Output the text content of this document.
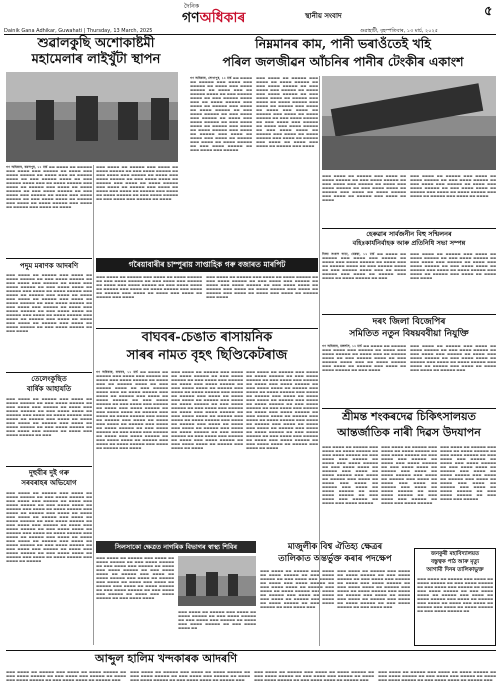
দৈনিক
গণঅধিকাৰ	স্থানীয় সংবাদ	৫
Dainik Gana Adhikar, Guwahati | Thursday, 13 March, 2025	গুৱাহাটী, বৃহস্পতিবাৰ, ১৩ মাৰ্চ, ২০২৫
শুৱালকুছি অশোকাষ্টমী
মহামেলাৰ লাইখুঁটা স্থাপন
গণ অধিকাৰ, কমলপুৰ, ১২ মাৰ্চ ▬▬ ▬▬▬▬ ▬▬ ▬▬▬▬▬ ▬▬▬ ▬▬▬▬ ▬▬▬ ▬▬▬▬▬ ▬▬ ▬▬▬▬ ▬▬▬ ▬▬▬▬ ▬▬▬▬▬ ▬▬ ▬▬▬▬ ▬▬▬ ▬▬ ▬▬▬▬▬ ▬▬▬▬ ▬▬ ▬▬▬ ▬▬▬▬▬ ▬▬▬▬ ▬▬ ▬▬▬ ▬▬▬▬▬ ▬▬▬▬ ▬▬▬ ▬▬ ▬▬▬▬ ▬▬▬▬▬ ▬▬▬ ▬▬▬▬ ▬▬ ▬▬▬▬▬ ▬▬▬ ▬▬▬▬ ▬▬ ▬▬▬▬ ▬▬▬▬▬ ▬▬ ▬▬▬ ▬▬▬▬ ▬▬▬▬▬ ▬▬ ▬▬▬ ▬▬▬▬ ▬▬▬ ▬▬▬▬▬ ▬▬ ▬▬▬▬ ▬▬▬ ▬▬▬▬ ▬▬▬▬▬ ▬▬ ▬▬▬ ▬▬▬▬ ▬▬▬▬ ▬▬ ▬▬▬▬▬ ▬▬▬ ▬▬▬▬ ▬▬ ▬▬▬▬ ▬▬▬▬▬ ▬▬▬ ▬▬▬▬ ▬▬ ▬▬▬▬▬ ▬▬▬ ▬▬▬▬ ▬▬ ▬▬▬▬
▬▬▬ ▬▬▬▬ ▬▬ ▬▬▬▬▬ ▬▬▬ ▬▬▬▬ ▬▬ ▬▬▬▬ ▬▬▬▬▬ ▬▬ ▬▬▬ ▬▬▬▬ ▬▬▬▬▬ ▬▬ ▬▬▬ ▬▬▬▬ ▬▬▬ ▬▬▬▬▬ ▬▬ ▬▬▬▬ ▬▬▬ ▬▬▬▬ ▬▬▬▬▬ ▬▬ ▬▬▬ ▬▬▬▬ ▬▬▬▬ ▬▬ ▬▬▬▬▬ ▬▬▬ ▬▬▬▬ ▬▬ ▬▬▬▬ ▬▬▬▬▬ ▬▬▬ ▬▬▬▬ ▬▬ ▬▬▬▬▬ ▬▬▬ ▬▬▬▬ ▬▬ ▬▬▬▬ ▬▬▬ ▬▬▬▬ ▬▬ ▬▬▬▬▬ ▬▬▬ ▬▬▬▬ ▬▬ ▬▬▬▬ ▬▬▬▬▬ ▬▬ ▬▬▬ ▬▬▬▬ ▬▬▬▬▬ ▬▬ ▬▬▬ ▬▬▬▬ ▬▬▬ ▬▬▬▬▬ ▬▬ ▬▬▬▬
নিম্নমানৰ কাম, পানী ভৰাওঁতেই খহি
পৰিল জলজীৱন আঁচনিৰ পানীৰ টেংকীৰ একাংশ
গণ অধিকাৰ, সোণাপুৰ, ১২ মাৰ্চ ▬▬ ▬▬▬▬ ▬▬ ▬▬▬▬▬ ▬▬▬ ▬▬▬▬ ▬▬▬ ▬▬▬▬▬ ▬▬ ▬▬▬▬ ▬▬▬ ▬▬▬▬ ▬▬▬▬▬ ▬▬ ▬▬▬▬ ▬▬▬ ▬▬ ▬▬▬▬▬ ▬▬▬▬ ▬▬ ▬▬▬ ▬▬▬▬▬ ▬▬▬▬ ▬▬ ▬▬▬ ▬▬▬▬▬ ▬▬▬▬ ▬▬▬ ▬▬ ▬▬▬▬ ▬▬▬▬▬ ▬▬▬ ▬▬▬▬ ▬▬ ▬▬▬▬▬ ▬▬▬ ▬▬▬▬ ▬▬ ▬▬▬▬ ▬▬▬▬▬ ▬▬ ▬▬▬ ▬▬▬▬ ▬▬▬▬▬ ▬▬ ▬▬▬ ▬▬▬▬ ▬▬▬ ▬▬▬▬▬ ▬▬ ▬▬▬▬ ▬▬▬ ▬▬▬▬ ▬▬▬▬▬ ▬▬ ▬▬▬ ▬▬▬▬ ▬▬▬▬ ▬▬ ▬▬▬▬▬ ▬▬▬ ▬▬▬▬ ▬▬ ▬▬▬▬ ▬▬▬▬▬ ▬▬▬ ▬▬▬▬ ▬▬ ▬▬▬▬▬ ▬▬▬ ▬▬▬▬ ▬▬ ▬▬▬▬ ▬▬▬ ▬▬▬▬ ▬▬ ▬▬▬▬▬ ▬▬▬ ▬▬▬▬ ▬▬ ▬▬▬▬ ▬▬▬▬▬ ▬▬ ▬▬▬ ▬▬▬▬ ▬▬▬▬▬ ▬▬ ▬▬▬ ▬▬▬▬ ▬▬▬ ▬▬▬▬▬
▬▬▬ ▬▬▬▬ ▬▬ ▬▬▬▬▬ ▬▬▬ ▬▬▬▬ ▬▬ ▬▬▬▬ ▬▬▬▬▬ ▬▬ ▬▬▬ ▬▬▬▬ ▬▬▬▬▬ ▬▬ ▬▬▬ ▬▬▬▬ ▬▬▬ ▬▬▬▬▬ ▬▬ ▬▬▬▬ ▬▬▬ ▬▬▬▬ ▬▬▬▬▬ ▬▬ ▬▬▬ ▬▬▬▬ ▬▬▬▬ ▬▬ ▬▬▬▬▬ ▬▬▬ ▬▬▬▬ ▬▬ ▬▬▬▬ ▬▬▬▬▬ ▬▬▬ ▬▬▬▬ ▬▬ ▬▬▬▬▬ ▬▬▬ ▬▬▬▬ ▬▬ ▬▬▬▬ ▬▬▬ ▬▬▬▬ ▬▬ ▬▬▬▬▬ ▬▬▬ ▬▬▬▬ ▬▬ ▬▬▬▬ ▬▬▬▬▬ ▬▬ ▬▬▬ ▬▬▬▬ ▬▬▬▬▬ ▬▬ ▬▬▬ ▬▬▬▬ ▬▬▬ ▬▬▬▬▬ ▬▬ ▬▬▬▬ ▬▬▬ ▬▬▬▬ ▬▬▬▬▬ ▬▬ ▬▬▬ ▬▬▬▬ ▬▬▬▬ ▬▬ ▬▬▬▬▬ ▬▬▬ ▬▬▬▬ ▬▬ ▬▬▬▬ ▬▬▬▬▬ ▬▬▬ ▬▬▬▬ ▬▬ ▬▬▬▬▬ ▬▬▬ ▬▬▬▬ ▬▬ ▬▬▬▬ ▬▬▬ ▬▬▬▬ ▬▬ ▬▬▬▬▬ ▬▬▬ ▬▬▬▬
▬▬▬ ▬▬▬▬ ▬▬ ▬▬▬▬▬ ▬▬▬ ▬▬▬▬ ▬▬ ▬▬▬▬ ▬▬▬▬▬ ▬▬ ▬▬▬ ▬▬▬▬ ▬▬▬▬▬ ▬▬ ▬▬▬ ▬▬▬▬ ▬▬▬ ▬▬▬▬▬ ▬▬ ▬▬▬▬ ▬▬▬ ▬▬▬▬ ▬▬▬▬▬ ▬▬ ▬▬▬ ▬▬▬▬ ▬▬▬▬ ▬▬ ▬▬▬▬▬ ▬▬▬ ▬▬▬▬ ▬▬ ▬▬▬▬ ▬▬▬▬▬ ▬▬▬ ▬▬▬▬ ▬▬ ▬▬▬▬▬ ▬▬▬ ▬▬▬▬ ▬▬ ▬▬▬▬
▬▬▬ ▬▬▬▬ ▬▬ ▬▬▬▬▬ ▬▬▬ ▬▬▬▬ ▬▬ ▬▬▬▬ ▬▬▬▬▬ ▬▬ ▬▬▬ ▬▬▬▬ ▬▬▬▬▬ ▬▬ ▬▬▬ ▬▬▬▬ ▬▬▬ ▬▬▬▬▬ ▬▬ ▬▬▬▬ ▬▬▬ ▬▬▬▬ ▬▬▬▬▬ ▬▬ ▬▬▬ ▬▬▬▬ ▬▬▬▬ ▬▬ ▬▬▬▬▬ ▬▬▬ ▬▬▬▬ ▬▬ ▬▬▬▬ ▬▬▬▬▬ ▬▬▬ ▬▬▬▬ ▬▬ ▬▬▬▬▬ ▬▬▬ ▬▬▬▬ ▬▬ ▬▬▬▬
হেৰুৱাৰ সাৰ্বজনীন বিহু সন্মিলনৰ
বহিঃকাৰ্যনিৰ্বাহক আৰু প্ৰতিনিধি সভা সম্পন্ন
নিজা সংবাদ দাতা, হেৰুৱা, ১২ মাৰ্চ ▬▬ ▬▬▬▬ ▬▬ ▬▬▬▬▬ ▬▬▬ ▬▬▬▬ ▬▬▬ ▬▬▬▬▬ ▬▬ ▬▬▬▬ ▬▬▬ ▬▬▬▬ ▬▬▬▬▬ ▬▬ ▬▬▬▬ ▬▬▬ ▬▬ ▬▬▬▬▬ ▬▬▬▬ ▬▬ ▬▬▬ ▬▬▬▬▬ ▬▬▬▬ ▬▬ ▬▬▬ ▬▬▬▬▬ ▬▬▬▬ ▬▬▬ ▬▬ ▬▬▬▬ ▬▬▬▬▬ ▬▬▬ ▬▬▬▬ ▬▬ ▬▬▬▬▬ ▬▬▬ ▬▬▬▬ ▬▬ ▬▬▬▬ ▬▬▬▬▬ ▬▬ ▬▬▬
▬▬▬ ▬▬▬▬ ▬▬ ▬▬▬▬▬ ▬▬▬ ▬▬▬▬ ▬▬ ▬▬▬▬ ▬▬▬▬▬ ▬▬ ▬▬▬ ▬▬▬▬ ▬▬▬▬▬ ▬▬ ▬▬▬ ▬▬▬▬ ▬▬▬ ▬▬▬▬▬ ▬▬ ▬▬▬▬ ▬▬▬ ▬▬▬▬ ▬▬▬▬▬ ▬▬ ▬▬▬ ▬▬▬▬ ▬▬▬▬ ▬▬ ▬▬▬▬▬ ▬▬▬ ▬▬▬▬ ▬▬ ▬▬▬▬ ▬▬▬▬▬ ▬▬▬ ▬▬▬▬ ▬▬ ▬▬▬▬▬ ▬▬▬ ▬▬▬▬ ▬▬ ▬▬▬▬ ▬▬▬ ▬▬▬▬
গৰৈয়াবাৰীৰ চাম্পুৰায় সাপ্তাহিক গৰু বজাৰত মাৰপিট
▬▬▬ ▬▬▬▬ ▬▬ ▬▬▬▬▬ ▬▬▬ ▬▬▬▬ ▬▬ ▬▬▬▬ ▬▬▬▬▬ ▬▬ ▬▬▬ ▬▬▬▬ ▬▬▬▬▬ ▬▬ ▬▬▬ ▬▬▬▬ ▬▬▬ ▬▬▬▬▬ ▬▬ ▬▬▬▬ ▬▬▬ ▬▬▬▬ ▬▬▬▬▬ ▬▬ ▬▬▬ ▬▬▬▬ ▬▬▬▬ ▬▬ ▬▬▬▬▬ ▬▬▬ ▬▬▬▬ ▬▬ ▬▬▬▬ ▬▬▬▬▬ ▬▬▬ ▬▬▬▬ ▬▬ ▬▬▬▬▬ ▬▬▬ ▬▬▬▬ ▬▬ ▬▬▬▬ ▬▬▬ ▬▬▬▬ ▬▬ ▬▬▬▬▬ ▬▬▬ ▬▬▬▬
▬▬▬ ▬▬▬▬ ▬▬ ▬▬▬▬▬ ▬▬▬ ▬▬▬▬ ▬▬ ▬▬▬▬ ▬▬▬▬▬ ▬▬ ▬▬▬ ▬▬▬▬ ▬▬▬▬▬ ▬▬ ▬▬▬ ▬▬▬▬ ▬▬▬ ▬▬▬▬▬ ▬▬ ▬▬▬▬ ▬▬▬ ▬▬▬▬ ▬▬▬▬▬ ▬▬ ▬▬▬ ▬▬▬▬ ▬▬▬▬ ▬▬ ▬▬▬▬▬ ▬▬▬ ▬▬▬▬ ▬▬ ▬▬▬▬ ▬▬▬▬▬ ▬▬▬ ▬▬▬▬ ▬▬ ▬▬▬▬▬ ▬▬▬ ▬▬▬▬ ▬▬ ▬▬▬▬ ▬▬▬ ▬▬▬▬ ▬▬ ▬▬▬▬▬ ▬▬▬ ▬▬▬▬
পদুম মৰাণক আদৰণি
▬▬▬ ▬▬▬▬ ▬▬ ▬▬▬▬▬ ▬▬▬ ▬▬▬▬ ▬▬ ▬▬▬▬ ▬▬▬▬▬ ▬▬ ▬▬▬ ▬▬▬▬ ▬▬▬▬▬ ▬▬ ▬▬▬ ▬▬▬▬ ▬▬▬ ▬▬▬▬▬ ▬▬ ▬▬▬▬ ▬▬▬ ▬▬▬▬ ▬▬▬▬▬ ▬▬ ▬▬▬ ▬▬▬▬ ▬▬▬▬ ▬▬ ▬▬▬▬▬ ▬▬▬ ▬▬▬▬ ▬▬ ▬▬▬▬ ▬▬▬▬▬ ▬▬▬ ▬▬▬▬ ▬▬ ▬▬▬▬▬ ▬▬▬ ▬▬▬▬ ▬▬ ▬▬▬▬ ▬▬▬ ▬▬▬▬ ▬▬ ▬▬▬▬▬ ▬▬▬ ▬▬▬▬ ▬▬ ▬▬▬▬ ▬▬▬▬▬ ▬▬ ▬▬▬ ▬▬▬▬ ▬▬▬▬▬ ▬▬ ▬▬▬ ▬▬▬▬ ▬▬▬ ▬▬▬▬▬ ▬▬ ▬▬▬▬ ▬▬▬ ▬▬▬▬ ▬▬▬▬▬ ▬▬ ▬▬▬ ▬▬▬▬ ▬▬▬▬ ▬▬ ▬▬▬▬▬ ▬▬▬ ▬▬▬▬ ▬▬ ▬▬▬▬ ▬▬▬▬▬ ▬▬▬ ▬▬▬▬ ▬▬ ▬▬▬▬▬ ▬▬▬ ▬▬▬▬ ▬▬ ▬▬▬▬ ▬▬▬ ▬▬▬▬ ▬▬ ▬▬▬▬▬ ▬▬▬ ▬▬▬▬ ▬▬ ▬▬▬▬ ▬▬▬▬▬ ▬▬ ▬▬▬ ▬▬▬▬ ▬▬▬▬▬ ▬▬ ▬▬▬ ▬▬▬▬
তেলেংকুছিত
বাৰ্ষিক আহাযতি
▬▬▬ ▬▬▬▬ ▬▬ ▬▬▬▬▬ ▬▬▬ ▬▬▬▬ ▬▬ ▬▬▬▬ ▬▬▬▬▬ ▬▬ ▬▬▬ ▬▬▬▬ ▬▬▬▬▬ ▬▬ ▬▬▬ ▬▬▬▬ ▬▬▬ ▬▬▬▬▬ ▬▬ ▬▬▬▬ ▬▬▬ ▬▬▬▬ ▬▬▬▬▬ ▬▬ ▬▬▬ ▬▬▬▬ ▬▬▬▬ ▬▬ ▬▬▬▬▬ ▬▬▬ ▬▬▬▬ ▬▬ ▬▬▬▬ ▬▬▬▬▬ ▬▬▬ ▬▬▬▬ ▬▬ ▬▬▬▬▬ ▬▬▬ ▬▬▬▬ ▬▬ ▬▬▬▬ ▬▬▬ ▬▬▬▬ ▬▬ ▬▬▬▬▬ ▬▬▬ ▬▬▬▬ ▬▬ ▬▬▬▬ ▬▬▬▬▬ ▬▬ ▬▬▬ ▬▬▬▬ ▬▬▬▬▬ ▬▬ ▬▬▬ ▬▬▬▬ ▬▬▬ ▬▬▬▬▬ ▬▬ ▬▬▬▬ ▬▬▬ ▬▬▬▬ ▬▬▬▬▬ ▬▬ ▬▬▬
দুহুবীৰ দুই গৰু
সৰবৰাহৰ অভিযোগ
▬▬▬ ▬▬▬▬ ▬▬ ▬▬▬▬▬ ▬▬▬ ▬▬▬▬ ▬▬ ▬▬▬▬ ▬▬▬▬▬ ▬▬ ▬▬▬ ▬▬▬▬ ▬▬▬▬▬ ▬▬ ▬▬▬ ▬▬▬▬ ▬▬▬ ▬▬▬▬▬ ▬▬ ▬▬▬▬ ▬▬▬ ▬▬▬▬ ▬▬▬▬▬ ▬▬ ▬▬▬ ▬▬▬▬ ▬▬▬▬ ▬▬ ▬▬▬▬▬ ▬▬▬ ▬▬▬▬ ▬▬ ▬▬▬▬ ▬▬▬▬▬ ▬▬▬ ▬▬▬▬ ▬▬ ▬▬▬▬▬ ▬▬▬ ▬▬▬▬ ▬▬ ▬▬▬▬ ▬▬▬ ▬▬▬▬ ▬▬ ▬▬▬▬▬ ▬▬▬ ▬▬▬▬ ▬▬ ▬▬▬▬ ▬▬▬▬▬ ▬▬ ▬▬▬ ▬▬▬▬ ▬▬▬▬▬ ▬▬ ▬▬▬ ▬▬▬▬ ▬▬▬ ▬▬▬▬▬ ▬▬ ▬▬▬▬ ▬▬▬ ▬▬▬▬ ▬▬▬▬▬ ▬▬ ▬▬▬ ▬▬▬▬ ▬▬▬▬ ▬▬ ▬▬▬▬▬ ▬▬▬ ▬▬▬▬ ▬▬ ▬▬▬▬ ▬▬▬▬▬ ▬▬▬ ▬▬▬▬ ▬▬ ▬▬▬▬▬ ▬▬▬ ▬▬▬▬ ▬▬ ▬▬▬▬ ▬▬▬ ▬▬▬▬ ▬▬ ▬▬▬▬▬ ▬▬▬ ▬▬▬▬ ▬▬ ▬▬▬▬ ▬▬▬▬▬ ▬▬ ▬▬▬ ▬▬▬▬ ▬▬▬▬▬ ▬▬ ▬▬▬ ▬▬▬▬ ▬▬▬ ▬▬▬▬▬ ▬▬ ▬▬▬▬ ▬▬▬ ▬▬▬▬ ▬▬▬▬▬ ▬▬ ▬▬▬ ▬▬▬▬ ▬▬▬▬ ▬▬ ▬▬▬▬▬ ▬▬▬ ▬▬▬▬ ▬▬ ▬▬▬▬ ▬▬▬▬▬ ▬▬▬ ▬▬▬▬ ▬▬ ▬▬▬▬▬
বাঘবৰ-চেঙাত ৰাসায়নিক
সাৰৰ নামত বৃহৎ ছিণ্ডিকেটৰাজ
গণ অধিকাৰ, বাঘবৰ, ১২ মাৰ্চ ▬▬ ▬▬▬▬ ▬▬ ▬▬▬▬▬ ▬▬▬ ▬▬▬▬ ▬▬▬ ▬▬▬▬▬ ▬▬ ▬▬▬▬ ▬▬▬ ▬▬▬▬ ▬▬▬▬▬ ▬▬ ▬▬▬▬ ▬▬▬ ▬▬ ▬▬▬▬▬ ▬▬▬▬ ▬▬ ▬▬▬ ▬▬▬▬▬ ▬▬▬▬ ▬▬ ▬▬▬ ▬▬▬▬▬ ▬▬▬▬ ▬▬▬ ▬▬ ▬▬▬▬ ▬▬▬▬▬ ▬▬▬ ▬▬▬▬ ▬▬ ▬▬▬▬▬ ▬▬▬ ▬▬▬▬ ▬▬ ▬▬▬▬ ▬▬▬▬▬ ▬▬ ▬▬▬ ▬▬▬▬ ▬▬▬▬▬ ▬▬ ▬▬▬ ▬▬▬▬ ▬▬▬ ▬▬▬▬▬ ▬▬ ▬▬▬▬ ▬▬▬ ▬▬▬▬ ▬▬▬▬▬ ▬▬ ▬▬▬ ▬▬▬▬ ▬▬▬▬ ▬▬ ▬▬▬▬▬ ▬▬▬ ▬▬▬▬ ▬▬ ▬▬▬▬ ▬▬▬▬▬ ▬▬▬ ▬▬▬▬ ▬▬ ▬▬▬▬▬ ▬▬▬ ▬▬▬▬ ▬▬ ▬▬▬▬ ▬▬▬ ▬▬▬▬ ▬▬ ▬▬▬▬▬ ▬▬▬ ▬▬▬▬ ▬▬ ▬▬▬▬ ▬▬▬▬▬ ▬▬ ▬▬▬ ▬▬▬▬ ▬▬▬▬▬ ▬▬ ▬▬▬ ▬▬▬▬ ▬▬▬ ▬▬▬▬▬ ▬▬ ▬▬▬▬ ▬▬▬ ▬▬▬▬ ▬▬▬▬▬ ▬▬ ▬▬▬ ▬▬▬▬ ▬▬▬▬ ▬▬ ▬▬▬▬▬ ▬▬▬ ▬▬▬▬ ▬▬ ▬▬▬▬ ▬▬▬▬▬ ▬▬▬ ▬▬▬▬ ▬▬ ▬▬▬▬▬ ▬▬▬ ▬▬▬▬
▬▬▬ ▬▬▬▬ ▬▬ ▬▬▬▬▬ ▬▬▬ ▬▬▬▬ ▬▬ ▬▬▬▬ ▬▬▬▬▬ ▬▬ ▬▬▬ ▬▬▬▬ ▬▬▬▬▬ ▬▬ ▬▬▬ ▬▬▬▬ ▬▬▬ ▬▬▬▬▬ ▬▬ ▬▬▬▬ ▬▬▬ ▬▬▬▬ ▬▬▬▬▬ ▬▬ ▬▬▬ ▬▬▬▬ ▬▬▬▬ ▬▬ ▬▬▬▬▬ ▬▬▬ ▬▬▬▬ ▬▬ ▬▬▬▬ ▬▬▬▬▬ ▬▬▬ ▬▬▬▬ ▬▬ ▬▬▬▬▬ ▬▬▬ ▬▬▬▬ ▬▬ ▬▬▬▬ ▬▬▬ ▬▬▬▬ ▬▬ ▬▬▬▬▬ ▬▬▬ ▬▬▬▬ ▬▬ ▬▬▬▬ ▬▬▬▬▬ ▬▬ ▬▬▬ ▬▬▬▬ ▬▬▬▬▬ ▬▬ ▬▬▬ ▬▬▬▬ ▬▬▬ ▬▬▬▬▬ ▬▬ ▬▬▬▬ ▬▬▬ ▬▬▬▬ ▬▬▬▬▬ ▬▬ ▬▬▬ ▬▬▬▬ ▬▬▬▬ ▬▬ ▬▬▬▬▬ ▬▬▬ ▬▬▬▬ ▬▬ ▬▬▬▬ ▬▬▬▬▬ ▬▬▬ ▬▬▬▬ ▬▬ ▬▬▬▬▬ ▬▬▬ ▬▬▬▬ ▬▬ ▬▬▬▬ ▬▬▬ ▬▬▬▬ ▬▬ ▬▬▬▬▬ ▬▬▬ ▬▬▬▬ ▬▬ ▬▬▬▬ ▬▬▬▬▬ ▬▬ ▬▬▬ ▬▬▬▬ ▬▬▬▬▬ ▬▬ ▬▬▬ ▬▬▬▬ ▬▬▬ ▬▬▬▬▬ ▬▬ ▬▬▬▬ ▬▬▬ ▬▬▬▬ ▬▬▬▬▬ ▬▬ ▬▬▬ ▬▬▬▬ ▬▬▬▬ ▬▬ ▬▬▬▬▬ ▬▬▬ ▬▬▬▬ ▬▬ ▬▬▬▬
▬▬▬ ▬▬▬▬ ▬▬ ▬▬▬▬▬ ▬▬▬ ▬▬▬▬ ▬▬ ▬▬▬▬ ▬▬▬▬▬ ▬▬ ▬▬▬ ▬▬▬▬ ▬▬▬▬▬ ▬▬ ▬▬▬ ▬▬▬▬ ▬▬▬ ▬▬▬▬▬ ▬▬ ▬▬▬▬ ▬▬▬ ▬▬▬▬ ▬▬▬▬▬ ▬▬ ▬▬▬ ▬▬▬▬ ▬▬▬▬ ▬▬ ▬▬▬▬▬ ▬▬▬ ▬▬▬▬ ▬▬ ▬▬▬▬ ▬▬▬▬▬ ▬▬▬ ▬▬▬▬ ▬▬ ▬▬▬▬▬ ▬▬▬ ▬▬▬▬ ▬▬ ▬▬▬▬ ▬▬▬ ▬▬▬▬ ▬▬ ▬▬▬▬▬ ▬▬▬ ▬▬▬▬ ▬▬ ▬▬▬▬ ▬▬▬▬▬ ▬▬ ▬▬▬ ▬▬▬▬ ▬▬▬▬▬ ▬▬ ▬▬▬ ▬▬▬▬ ▬▬▬ ▬▬▬▬▬ ▬▬ ▬▬▬▬ ▬▬▬ ▬▬▬▬ ▬▬▬▬▬ ▬▬ ▬▬▬ ▬▬▬▬ ▬▬▬▬ ▬▬ ▬▬▬▬▬ ▬▬▬ ▬▬▬▬ ▬▬ ▬▬▬▬ ▬▬▬▬▬ ▬▬▬ ▬▬▬▬ ▬▬ ▬▬▬▬▬ ▬▬▬ ▬▬▬▬ ▬▬ ▬▬▬▬ ▬▬▬ ▬▬▬▬ ▬▬ ▬▬▬▬▬ ▬▬▬ ▬▬▬▬ ▬▬ ▬▬▬▬ ▬▬▬▬▬ ▬▬ ▬▬▬ ▬▬▬▬ ▬▬▬▬▬ ▬▬ ▬▬▬ ▬▬▬▬ ▬▬▬ ▬▬▬▬▬ ▬▬ ▬▬▬▬ ▬▬▬ ▬▬▬▬ ▬▬▬▬▬ ▬▬ ▬▬▬ ▬▬▬▬ ▬▬▬▬ ▬▬ ▬▬▬▬▬ ▬▬▬ ▬▬▬▬ ▬▬ ▬▬▬▬
দৰং জিলা বিজেপিৰ
সমিতিত নতুন বিষয়ববীয়া নিযুক্তি
গণ অধিকাৰ, মঙ্গলদৈ, ১২ মাৰ্চ ▬▬ ▬▬▬▬ ▬▬ ▬▬▬▬▬ ▬▬▬ ▬▬▬▬ ▬▬▬ ▬▬▬▬▬ ▬▬ ▬▬▬▬ ▬▬▬ ▬▬▬▬ ▬▬▬▬▬ ▬▬ ▬▬▬▬ ▬▬▬ ▬▬ ▬▬▬▬▬ ▬▬▬▬ ▬▬ ▬▬▬ ▬▬▬▬▬ ▬▬▬▬ ▬▬ ▬▬▬ ▬▬▬▬▬ ▬▬▬▬ ▬▬▬ ▬▬ ▬▬▬▬ ▬▬▬▬▬ ▬▬▬ ▬▬▬▬ ▬▬ ▬▬▬▬▬ ▬▬▬ ▬▬▬▬ ▬▬ ▬▬▬▬ ▬▬▬▬▬ ▬▬ ▬▬▬ ▬▬▬▬
▬▬▬ ▬▬▬▬ ▬▬ ▬▬▬▬▬ ▬▬▬ ▬▬▬▬ ▬▬ ▬▬▬▬ ▬▬▬▬▬ ▬▬ ▬▬▬ ▬▬▬▬ ▬▬▬▬▬ ▬▬ ▬▬▬ ▬▬▬▬ ▬▬▬ ▬▬▬▬▬ ▬▬ ▬▬▬▬ ▬▬▬ ▬▬▬▬ ▬▬▬▬▬ ▬▬ ▬▬▬ ▬▬▬▬ ▬▬▬▬ ▬▬ ▬▬▬▬▬ ▬▬▬ ▬▬▬▬ ▬▬ ▬▬▬▬ ▬▬▬▬▬ ▬▬▬ ▬▬▬▬ ▬▬ ▬▬▬▬▬ ▬▬▬ ▬▬▬▬ ▬▬ ▬▬▬▬ ▬▬▬ ▬▬▬▬ ▬▬ ▬▬▬▬▬ ▬▬▬
শ্ৰীমন্ত শংকৰদেৱ চিকিৎসালয়ত
আন্তৰ্জাতিক নাৰী দিৱস উদযাপন
▬▬▬ ▬▬▬▬ ▬▬ ▬▬▬▬▬ ▬▬▬ ▬▬▬▬ ▬▬ ▬▬▬▬ ▬▬▬▬▬ ▬▬ ▬▬▬ ▬▬▬▬ ▬▬▬▬▬ ▬▬ ▬▬▬ ▬▬▬▬ ▬▬▬ ▬▬▬▬▬ ▬▬ ▬▬▬▬ ▬▬▬ ▬▬▬▬ ▬▬▬▬▬ ▬▬ ▬▬▬ ▬▬▬▬ ▬▬▬▬ ▬▬ ▬▬▬▬▬ ▬▬▬ ▬▬▬▬ ▬▬ ▬▬▬▬ ▬▬▬▬▬ ▬▬▬ ▬▬▬▬ ▬▬ ▬▬▬▬▬ ▬▬▬ ▬▬▬▬ ▬▬ ▬▬▬▬ ▬▬▬ ▬▬▬▬ ▬▬ ▬▬▬▬▬ ▬▬▬ ▬▬▬▬ ▬▬ ▬▬▬▬ ▬▬▬▬▬ ▬▬ ▬▬▬ ▬▬▬▬ ▬▬▬▬▬ ▬▬ ▬▬▬ ▬▬▬▬ ▬▬▬ ▬▬▬▬▬ ▬▬ ▬▬▬▬ ▬▬▬ ▬▬▬▬ ▬▬▬▬▬
▬▬▬ ▬▬▬▬ ▬▬ ▬▬▬▬▬ ▬▬▬ ▬▬▬▬ ▬▬ ▬▬▬▬ ▬▬▬▬▬ ▬▬ ▬▬▬ ▬▬▬▬ ▬▬▬▬▬ ▬▬ ▬▬▬ ▬▬▬▬ ▬▬▬ ▬▬▬▬▬ ▬▬ ▬▬▬▬ ▬▬▬ ▬▬▬▬ ▬▬▬▬▬ ▬▬ ▬▬▬ ▬▬▬▬ ▬▬▬▬ ▬▬ ▬▬▬▬▬ ▬▬▬ ▬▬▬▬ ▬▬ ▬▬▬▬ ▬▬▬▬▬ ▬▬▬ ▬▬▬▬ ▬▬ ▬▬▬▬▬ ▬▬▬ ▬▬▬▬ ▬▬ ▬▬▬▬ ▬▬▬ ▬▬▬▬ ▬▬ ▬▬▬▬▬ ▬▬▬ ▬▬▬▬ ▬▬ ▬▬▬▬ ▬▬▬▬▬ ▬▬ ▬▬▬ ▬▬▬▬ ▬▬▬▬▬ ▬▬ ▬▬▬ ▬▬▬▬ ▬▬▬ ▬▬▬▬▬ ▬▬ ▬▬▬▬ ▬▬▬ ▬▬▬▬ ▬▬▬▬▬
▬▬▬ ▬▬▬▬ ▬▬ ▬▬▬▬▬ ▬▬▬ ▬▬▬▬ ▬▬ ▬▬▬▬ ▬▬▬▬▬ ▬▬ ▬▬▬ ▬▬▬▬ ▬▬▬▬▬ ▬▬ ▬▬▬ ▬▬▬▬ ▬▬▬ ▬▬▬▬▬ ▬▬ ▬▬▬▬ ▬▬▬ ▬▬▬▬ ▬▬▬▬▬ ▬▬ ▬▬▬ ▬▬▬▬ ▬▬▬▬ ▬▬ ▬▬▬▬▬ ▬▬▬ ▬▬▬▬ ▬▬ ▬▬▬▬ ▬▬▬▬▬ ▬▬▬ ▬▬▬▬ ▬▬ ▬▬▬▬▬ ▬▬▬ ▬▬▬▬ ▬▬ ▬▬▬▬ ▬▬▬ ▬▬▬▬ ▬▬ ▬▬▬▬▬ ▬▬▬ ▬▬▬▬ ▬▬ ▬▬▬▬ ▬▬▬▬▬ ▬▬ ▬▬▬ ▬▬▬▬ ▬▬▬▬▬ ▬▬ ▬▬▬ ▬▬▬▬ ▬▬▬ ▬▬▬▬▬
সিলসাকো ক্ষেত্ৰত নাগৰিক বিভাগৰ স্বাস্থ্য শিবিৰ
▬▬▬ ▬▬▬▬ ▬▬ ▬▬▬▬▬ ▬▬▬ ▬▬▬▬ ▬▬ ▬▬▬▬ ▬▬▬▬▬ ▬▬ ▬▬▬ ▬▬▬▬ ▬▬▬▬▬ ▬▬ ▬▬▬ ▬▬▬▬ ▬▬▬ ▬▬▬▬▬ ▬▬ ▬▬▬▬ ▬▬▬ ▬▬▬▬ ▬▬▬▬▬ ▬▬ ▬▬▬ ▬▬▬▬ ▬▬▬▬ ▬▬ ▬▬▬▬▬ ▬▬▬ ▬▬▬▬ ▬▬ ▬▬▬▬ ▬▬▬▬▬ ▬▬▬ ▬▬▬▬ ▬▬ ▬▬▬▬▬ ▬▬▬ ▬▬▬▬ ▬▬ ▬▬▬▬ ▬▬▬ ▬▬▬▬ ▬▬ ▬▬▬▬▬ ▬▬▬ ▬▬▬▬ ▬▬ ▬▬▬▬ ▬▬▬▬▬ ▬▬ ▬▬▬ ▬▬▬▬ ▬▬▬▬▬ ▬▬ ▬▬▬ ▬▬▬▬ ▬▬▬ ▬▬▬▬▬ ▬▬ ▬▬▬▬ ▬▬▬ ▬▬▬▬ ▬▬▬▬▬ ▬▬ ▬▬▬ ▬▬▬▬ ▬▬▬▬
▬▬▬ ▬▬▬▬ ▬▬ ▬▬▬▬▬ ▬▬▬ ▬▬▬▬ ▬▬ ▬▬▬▬ ▬▬▬▬▬ ▬▬ ▬▬▬ ▬▬▬▬ ▬▬▬▬▬ ▬▬ ▬▬▬ ▬▬▬▬ ▬▬▬ ▬▬▬▬▬ ▬▬ ▬▬▬▬ ▬▬▬ ▬▬▬▬ ▬▬▬▬▬ ▬▬ ▬▬▬ ▬▬▬▬ ▬▬▬▬ ▬▬
মাজুলীক বিশ্ব ঐতিহ্য ক্ষেত্ৰৰ
তালিকাত অন্তৰ্ভুক্ত কৰাৰ পদক্ষেপ
▬▬▬ ▬▬▬▬ ▬▬ ▬▬▬▬▬ ▬▬▬ ▬▬▬▬ ▬▬ ▬▬▬▬ ▬▬▬▬▬ ▬▬ ▬▬▬ ▬▬▬▬ ▬▬▬▬▬ ▬▬ ▬▬▬ ▬▬▬▬ ▬▬▬ ▬▬▬▬▬ ▬▬ ▬▬▬▬ ▬▬▬ ▬▬▬▬ ▬▬▬▬▬ ▬▬ ▬▬▬ ▬▬▬▬ ▬▬▬▬ ▬▬ ▬▬▬▬▬ ▬▬▬ ▬▬▬▬ ▬▬ ▬▬▬▬ ▬▬▬▬▬ ▬▬▬ ▬▬▬▬ ▬▬ ▬▬▬▬▬ ▬▬▬ ▬▬▬▬ ▬▬ ▬▬▬▬ ▬▬▬ ▬▬▬▬ ▬▬ ▬▬▬▬▬ ▬▬▬ ▬▬▬▬ ▬▬ ▬▬▬▬ ▬▬▬▬▬ ▬▬ ▬▬▬ ▬▬▬▬ ▬▬▬▬▬ ▬▬ ▬▬▬ ▬▬▬▬ ▬▬▬
▬▬▬ ▬▬▬▬ ▬▬ ▬▬▬▬▬ ▬▬▬ ▬▬▬▬ ▬▬ ▬▬▬▬ ▬▬▬▬▬ ▬▬ ▬▬▬ ▬▬▬▬ ▬▬▬▬▬ ▬▬ ▬▬▬ ▬▬▬▬ ▬▬▬ ▬▬▬▬▬ ▬▬ ▬▬▬▬ ▬▬▬ ▬▬▬▬ ▬▬▬▬▬ ▬▬ ▬▬▬ ▬▬▬▬ ▬▬▬▬ ▬▬ ▬▬▬▬▬ ▬▬▬ ▬▬▬▬ ▬▬ ▬▬▬▬ ▬▬▬▬▬ ▬▬▬ ▬▬▬▬ ▬▬ ▬▬▬▬▬ ▬▬▬ ▬▬▬▬ ▬▬ ▬▬▬▬ ▬▬▬ ▬▬▬▬ ▬▬ ▬▬▬▬▬ ▬▬▬ ▬▬▬▬ ▬▬ ▬▬▬▬ ▬▬▬▬▬ ▬▬ ▬▬▬ ▬▬▬▬ ▬▬▬▬▬ ▬▬ ▬▬▬ ▬▬▬▬ ▬▬▬
জনকুৰী মহাবিদ্যালয়ত
বস্তুত্বক পাঠ আৰু মৃত্যু
আগামী দিনৰ তালিকাভুক্ত
▬▬▬ ▬▬▬▬ ▬▬ ▬▬▬▬▬ ▬▬▬ ▬▬▬▬ ▬▬ ▬▬▬▬ ▬▬▬▬▬ ▬▬ ▬▬▬ ▬▬▬▬ ▬▬▬▬▬ ▬▬ ▬▬▬ ▬▬▬▬ ▬▬▬ ▬▬▬▬▬ ▬▬ ▬▬▬▬ ▬▬▬ ▬▬▬▬ ▬▬▬▬▬ ▬▬ ▬▬▬ ▬▬▬▬ ▬▬▬▬ ▬▬ ▬▬▬▬▬ ▬▬▬ ▬▬▬▬ ▬▬ ▬▬▬▬ ▬▬▬▬▬ ▬▬▬ ▬▬▬▬ ▬▬ ▬▬▬▬▬ ▬▬▬ ▬▬▬▬ ▬▬ ▬▬▬▬ ▬▬▬ ▬▬▬▬ ▬▬ ▬▬▬▬▬ ▬▬▬ ▬▬▬▬ ▬▬ ▬▬▬▬ ▬▬▬▬▬ ▬▬ ▬▬▬ ▬▬▬▬ ▬▬▬▬▬ ▬▬
আব্দুল হালিম খন্দকাৰক আদৰণি
▬▬▬ ▬▬▬▬ ▬▬ ▬▬▬▬▬ ▬▬▬ ▬▬▬▬ ▬▬ ▬▬▬▬ ▬▬▬▬▬ ▬▬ ▬▬▬ ▬▬▬▬ ▬▬▬▬▬ ▬▬ ▬▬▬ ▬▬▬▬ ▬▬▬ ▬▬▬▬▬ ▬▬ ▬▬▬▬ ▬▬▬ ▬▬▬▬ ▬▬▬▬▬ ▬▬ ▬▬▬ ▬▬▬▬ ▬▬▬▬ ▬▬ ▬▬▬▬▬ ▬▬▬
▬▬▬ ▬▬▬▬ ▬▬ ▬▬▬▬▬ ▬▬▬ ▬▬▬▬ ▬▬ ▬▬▬▬ ▬▬▬▬▬ ▬▬ ▬▬▬ ▬▬▬▬ ▬▬▬▬▬ ▬▬ ▬▬▬ ▬▬▬▬ ▬▬▬ ▬▬▬▬▬ ▬▬ ▬▬▬▬ ▬▬▬ ▬▬▬▬ ▬▬▬▬▬ ▬▬ ▬▬▬ ▬▬▬▬ ▬▬▬▬ ▬▬ ▬▬▬▬▬ ▬▬▬
▬▬▬ ▬▬▬▬ ▬▬ ▬▬▬▬▬ ▬▬▬ ▬▬▬▬ ▬▬ ▬▬▬▬ ▬▬▬▬▬ ▬▬ ▬▬▬ ▬▬▬▬ ▬▬▬▬▬ ▬▬ ▬▬▬ ▬▬▬▬ ▬▬▬ ▬▬▬▬▬ ▬▬ ▬▬▬▬ ▬▬▬ ▬▬▬▬ ▬▬▬▬▬ ▬▬ ▬▬▬ ▬▬▬▬ ▬▬▬▬ ▬▬ ▬▬▬▬▬ ▬▬▬
▬▬▬ ▬▬▬▬ ▬▬ ▬▬▬▬▬ ▬▬▬ ▬▬▬▬ ▬▬ ▬▬▬▬ ▬▬▬▬▬ ▬▬ ▬▬▬ ▬▬▬▬ ▬▬▬▬▬ ▬▬ ▬▬▬ ▬▬▬▬ ▬▬▬ ▬▬▬▬▬ ▬▬ ▬▬▬▬ ▬▬▬ ▬▬▬▬ ▬▬▬▬▬ ▬▬ ▬▬▬ ▬▬▬▬ ▬▬▬▬ ▬▬ ▬▬▬▬▬ ▬▬▬
